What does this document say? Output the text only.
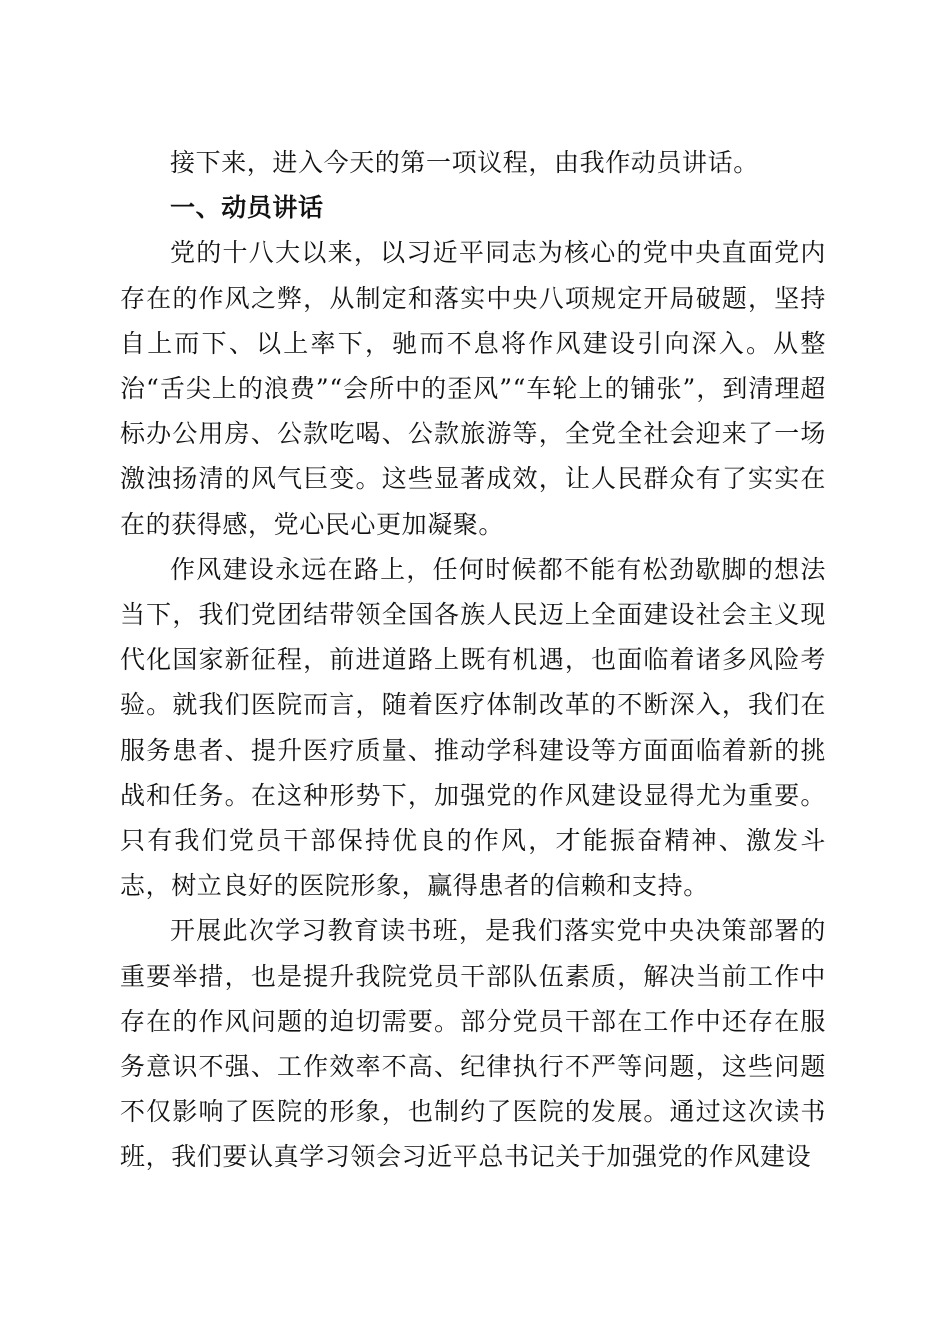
接下来，进入今天的第一项议程，由我作动员讲话。

一、动员讲话

党的十八大以来，以习近平同志为核心的党中央直面党内存在的作风之弊，从制定和落实中央八项规定开局破题，坚持自上而下、以上率下，驰而不息将作风建设引向深入。从整治“舌尖上的浪费”“会所中的歪风”“车轮上的铺张”，到清理超标办公用房、公款吃喝、公款旅游等，全党全社会迎来了一场激浊扬清的风气巨变。这些显著成效，让人民群众有了实实在在的获得感，党心民心更加凝聚。

作风建设永远在路上，任何时候都不能有松劲歇脚的想法当下，我们党团结带领全国各族人民迈上全面建设社会主义现代化国家新征程，前进道路上既有机遇，也面临着诸多风险考验。就我们医院而言，随着医疗体制改革的不断深入，我们在服务患者、提升医疗质量、推动学科建设等方面面临着新的挑战和任务。在这种形势下，加强党的作风建设显得尤为重要。只有我们党员干部保持优良的作风，才能振奋精神、激发斗志，树立良好的医院形象，赢得患者的信赖和支持。

开展此次学习教育读书班，是我们落实党中央决策部署的重要举措，也是提升我院党员干部队伍素质，解决当前工作中存在的作风问题的迫切需要。部分党员干部在工作中还存在服务意识不强、工作效率不高、纪律执行不严等问题，这些问题不仅影响了医院的形象，也制约了医院的发展。通过这次读书班，我们要认真学习领会习近平总书记关于加强党的作风建设
